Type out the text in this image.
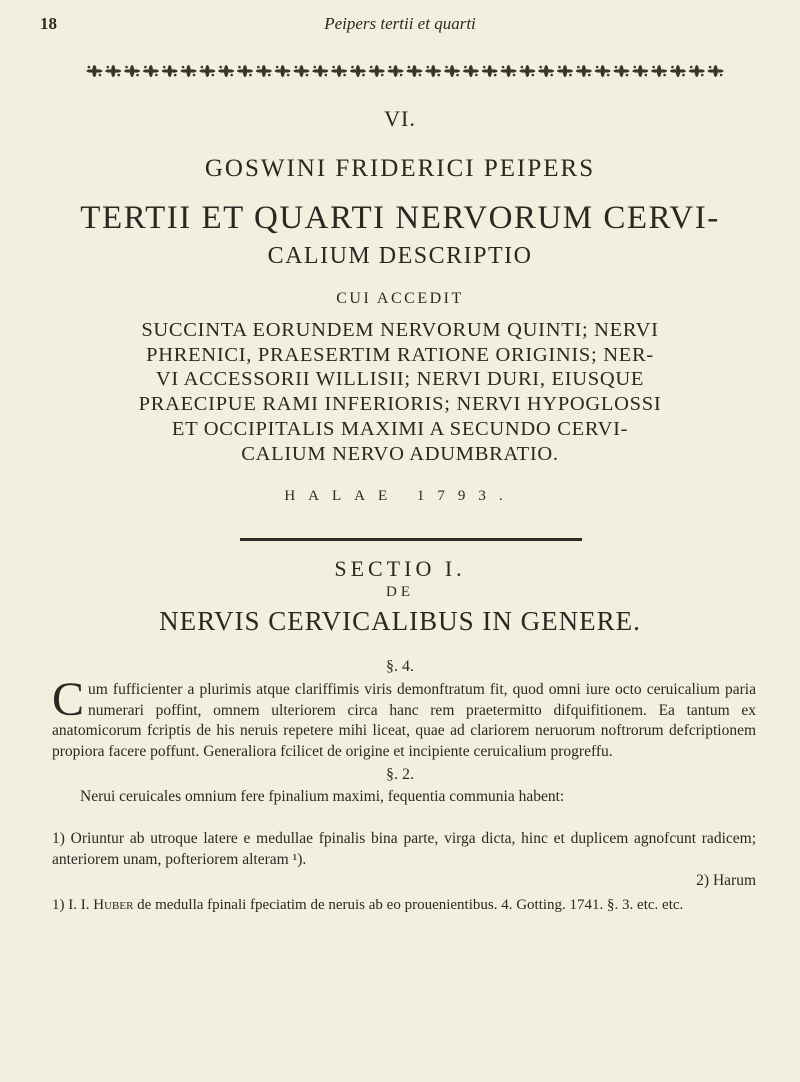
18	Peipers tertii et quarti
VI.
GOSWINI FRIDERICI PEIPERS
TERTII ET QUARTI NERVORUM CERVI-
CALIUM DESCRIPTIO
CUI ACCEDIT
SUCCINTA EORUNDEM NERVORUM QUINTI; NERVI
PHRENICI, PRAESERTIM RATIONE ORIGINIS; NER-
VI ACCESSORII WILLISII; NERVI DURI, EIUSQUE
PRAECIPUE RAMI INFERIORIS; NERVI HYPOGLOSSI
ET OCCIPITALIS MAXIMI A SECUNDO CERVI-
CALIUM NERVO ADUMBRATIO.
HALAE 1793.
SECTIO I.
DE
NERVIS CERVICALIBUS IN GENERE.
§. 4.
Cum fufficienter a plurimis atque clariffimis viris demonftratum fit, quod omni iure octo ceruicalium paria numerari poffint, omnem ulteriorem circa hanc rem praetermitto difquifitionem. Ea tantum ex anatomicorum fcriptis de his neruis repetere mihi liceat, quae ad clariorem neruorum noftrorum defcriptionem propiora facere poffunt. Generaliora fcilicet de origine et incipiente ceruicalium progreffu.
§. 2.
Nerui ceruicales omnium fere fpinalium maximi, fequentia communia habent:
1) Oriuntur ab utroque latere e medullae fpinalis bina parte, virga dicta, hinc et duplicem agnofcunt radicem; anteriorem unam, pofteriorem alteram ¹).
2) Harum
1) I. I. Huber de medulla fpinali fpeciatim de neruis ab eo prouenientibus. 4. Gotting. 1741. §. 3. etc. etc.
